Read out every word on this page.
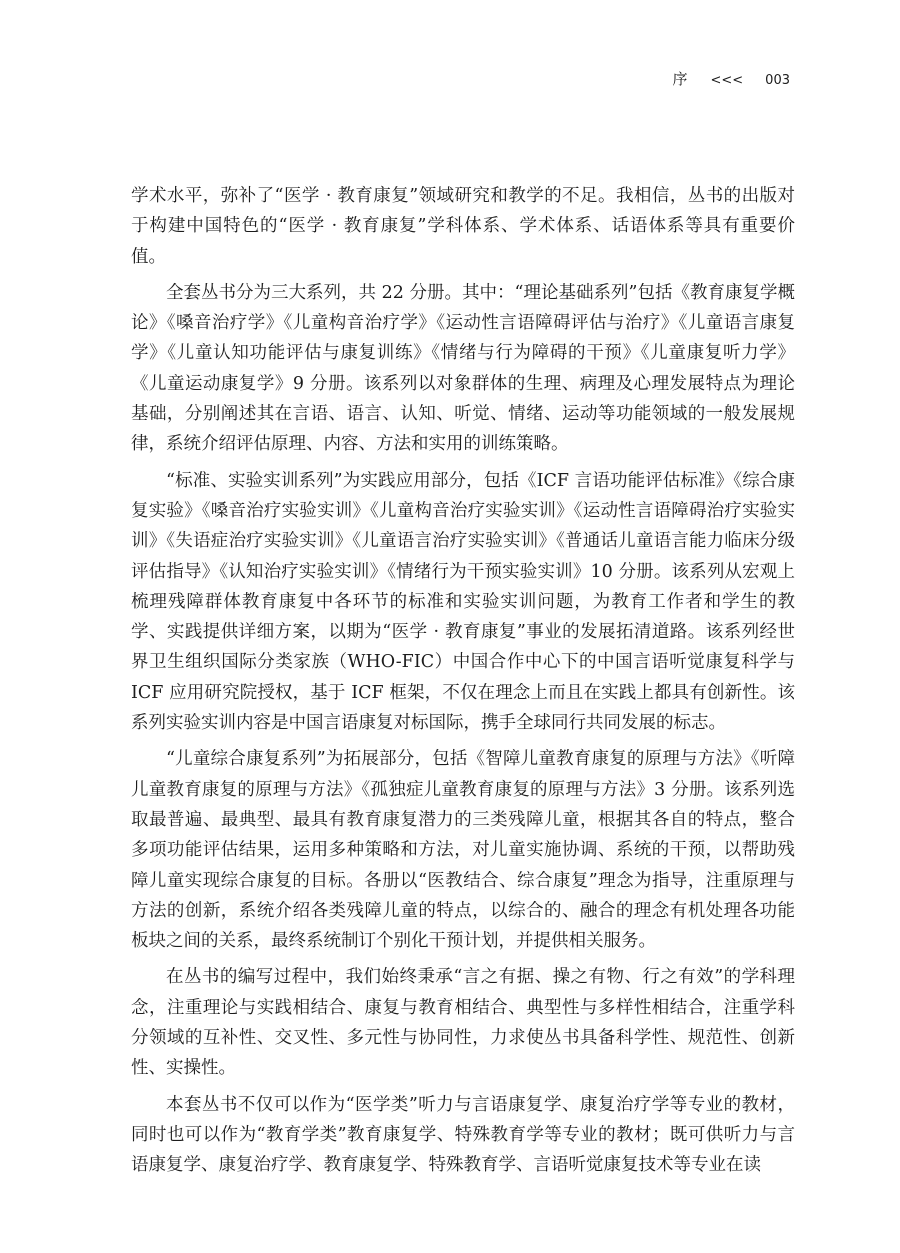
序 <<< 003

学术水平，弥补了“医学 · 教育康复”领域研究和教学的不足。我相信，丛书的出版对于构建中国特色的“医学 · 教育康复”学科体系、学术体系、话语体系等具有重要价值。

全套丛书分为三大系列，共 22 分册。其中：“理论基础系列”包括《教育康复学概论》《嗓音治疗学》《儿童构音治疗学》《运动性言语障碍评估与治疗》《儿童语言康复学》《儿童认知功能评估与康复训练》《情绪与行为障碍的干预》《儿童康复听力学》《儿童运动康复学》9 分册。该系列以对象群体的生理、病理及心理发展特点为理论基础，分别阐述其在言语、语言、认知、听觉、情绪、运动等功能领域的一般发展规律，系统介绍评估原理、内容、方法和实用的训练策略。

“标准、实验实训系列”为实践应用部分，包括《ICF 言语功能评估标准》《综合康复实验》《嗓音治疗实验实训》《儿童构音治疗实验实训》《运动性言语障碍治疗实验实训》《失语症治疗实验实训》《儿童语言治疗实验实训》《普通话儿童语言能力临床分级评估指导》《认知治疗实验实训》《情绪行为干预实验实训》10 分册。该系列从宏观上梳理残障群体教育康复中各环节的标准和实验实训问题，为教育工作者和学生的教学、实践提供详细方案，以期为“医学 · 教育康复”事业的发展拓清道路。该系列经世界卫生组织国际分类家族（WHO-FIC）中国合作中心下的中国言语听觉康复科学与 ICF 应用研究院授权，基于 ICF 框架，不仅在理念上而且在实践上都具有创新性。该系列实验实训内容是中国言语康复对标国际，携手全球同行共同发展的标志。

“儿童综合康复系列”为拓展部分，包括《智障儿童教育康复的原理与方法》《听障儿童教育康复的原理与方法》《孤独症儿童教育康复的原理与方法》3 分册。该系列选取最普遍、最典型、最具有教育康复潜力的三类残障儿童，根据其各自的特点，整合多项功能评估结果，运用多种策略和方法，对儿童实施协调、系统的干预，以帮助残障儿童实现综合康复的目标。各册以“医教结合、综合康复”理念为指导，注重原理与方法的创新，系统介绍各类残障儿童的特点，以综合的、融合的理念有机处理各功能板块之间的关系，最终系统制订个别化干预计划，并提供相关服务。

在丛书的编写过程中，我们始终秉承“言之有据、操之有物、行之有效”的学科理念，注重理论与实践相结合、康复与教育相结合、典型性与多样性相结合，注重学科分领域的互补性、交叉性、多元性与协同性，力求使丛书具备科学性、规范性、创新性、实操性。

本套丛书不仅可以作为“医学类”听力与言语康复学、康复治疗学等专业的教材，同时也可以作为“教育学类”教育康复学、特殊教育学等专业的教材；既可供听力与言语康复学、康复治疗学、教育康复学、特殊教育学、言语听觉康复技术等专业在读
